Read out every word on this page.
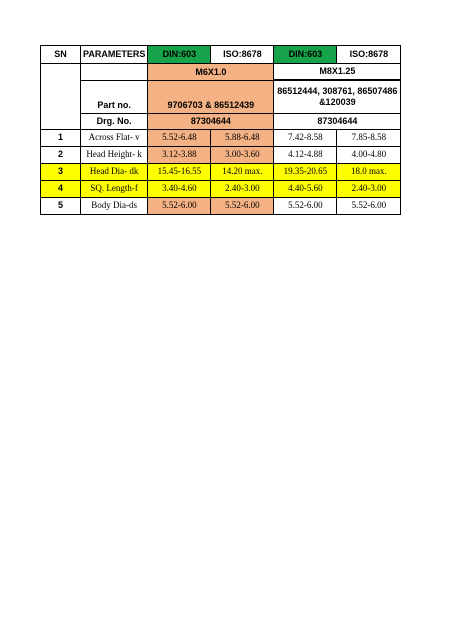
SN	PARAMETERS	DIN:603	ISO:8678	DIN:603	ISO:8678
		M6X1.0		M8X1.25	
	Part no.	9706703 & 86512439		86512444, 308761, 86507486 &120039	
	Drg. No.	87304644		87304644	
1	Across Flat- v	5.52-6.48	5.88-6.48	7.42-8.58	7.85-8.58
2	Head Height- k	3.12-3.88	3.00-3.60	4.12-4.88	4.00-4.80
3	Head Dia- dk	15.45-16.55	14.20 max.	19.35-20.65	18.0 max.
4	SQ. Length-f	3.40-4.60	2.40-3.00	4.40-5.60	2.40-3.00
5	Body Dia-ds	5.52-6.00	5.52-6.00	5.52-6.00	5.52-6.00
